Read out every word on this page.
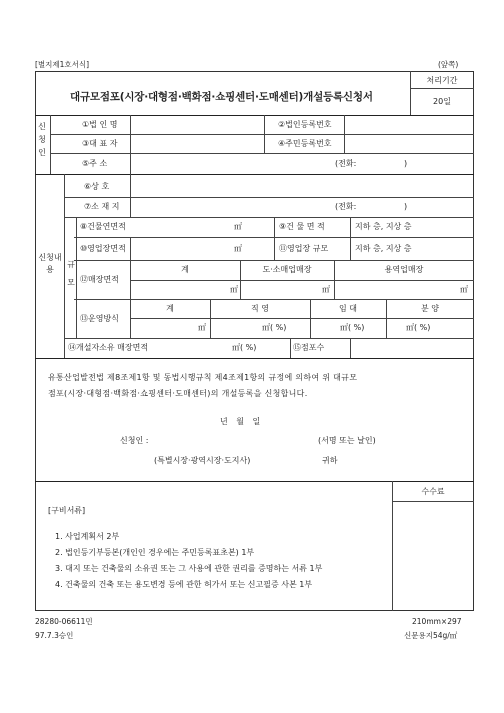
[별지제1호서식]	(앞쪽)
대규모점포(시장·대형점·백화점·쇼핑센터·도매센터)개설등록신청서
처리기간
20일
신
청
인
①법 인 명	②법인등록번호
③대 표 자	④주민등록번호
⑤주 소	(전화:	)
신청내용
규
모
⑥상 호
⑦소 재 지	(전화:	)
⑧건물연면적	㎡	⑨건 물 면 적	지하 층, 지상 층
⑩영업장면적	㎡	⑪영업장 규모	지하 층, 지상 층
⑫매장면적
계	도·소매업매장	용역업매장
㎡	㎡	㎡
⑬운영방식
계	직 영	임 대	분 양
㎡	㎡( %)	㎡( %)	㎡( %)
⑭개설자소유 매장면적	㎡( %)	⑮점포수
유통산업발전법 제8조제1항 및 동법시행규칙 제4조제1항의 규정에 의하여 위 대규모
점포(시장·대형점·백화점·쇼핑센터·도매센터)의 개설등록을 신청합니다.
년 월 일
신청인 :	(서명 또는 날인)
(특별시장·광역시장·도지사)	귀하
수수료
[구비서류]
1. 사업계획서 2부
2. 법인등기부등본(개인인 경우에는 주민등록표초본) 1부
3. 대지 또는 건축물의 소유권 또는 그 사용에 관한 권리를 증명하는 서류 1부
4. 건축물의 건축 또는 용도변경 등에 관한 허가서 또는 신고필증 사본 1부
28280-06611민
97.7.3승인
210mm×297
신문용지54g/㎡
